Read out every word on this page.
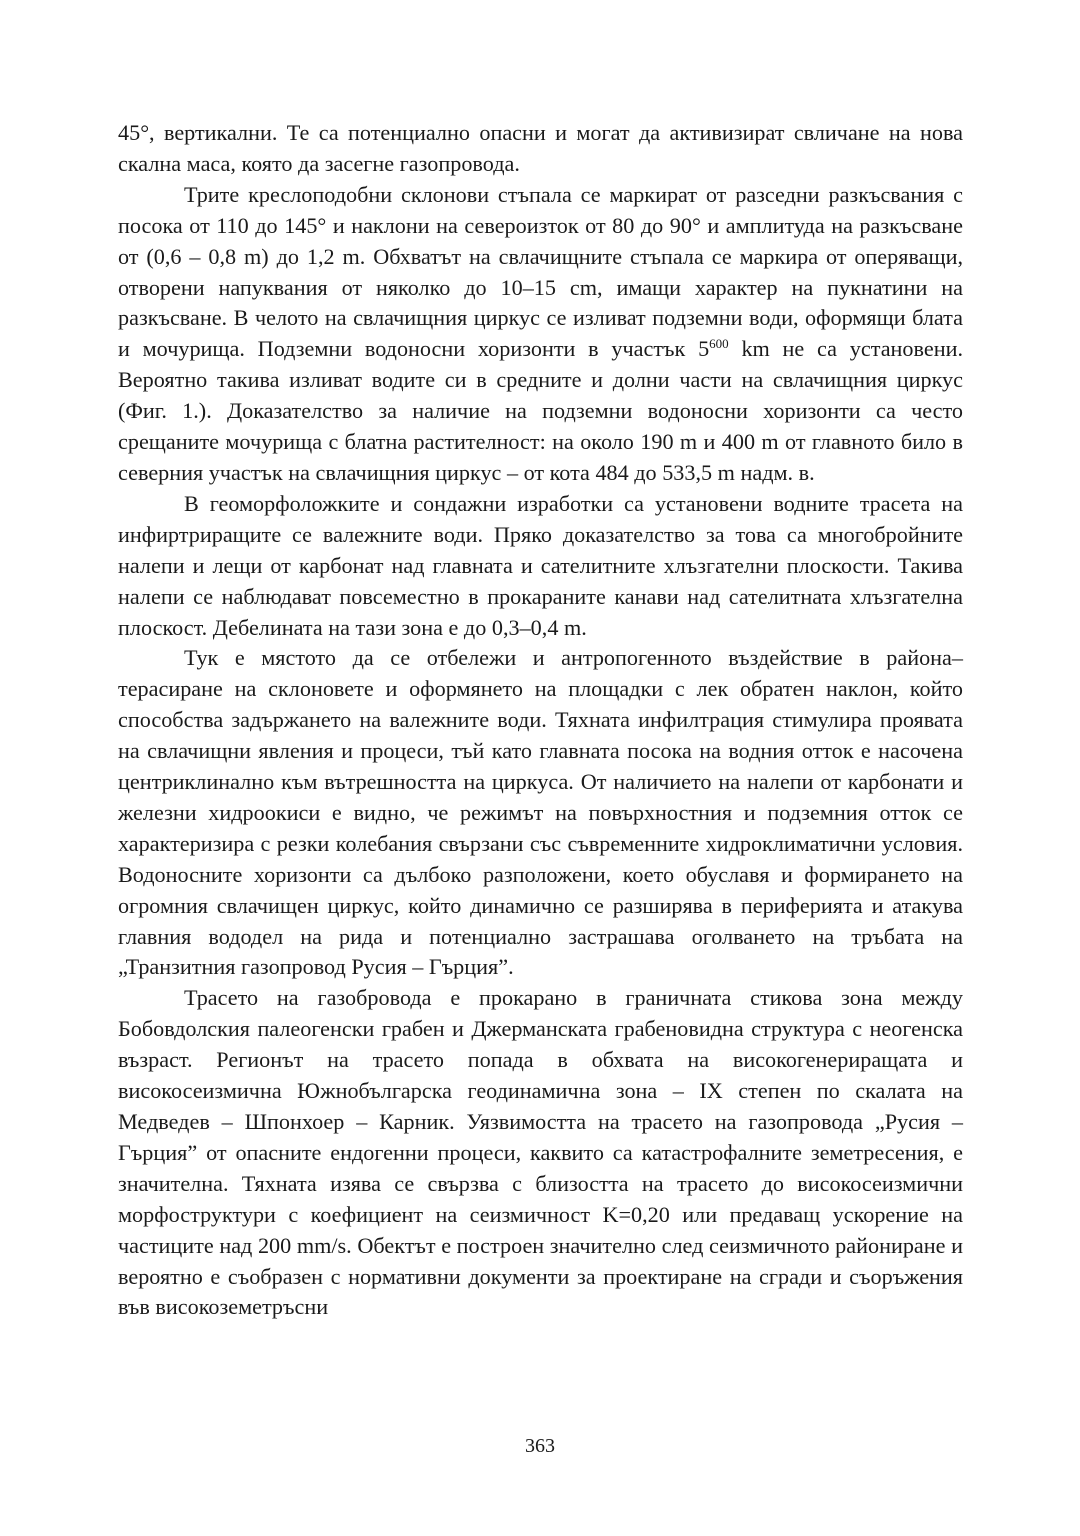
45°, вертикални. Те са потенциално опасни и могат да активизират свличане на нова скална маса, която да засегне газопровода.

Трите креслоподобни склонови стъпала се маркират от разседни разкъсвания с посока от 110 до 145° и наклони на североизток от 80 до 90° и амплитуда на разкъсване от (0,6 – 0,8 m) до 1,2 m. Обхватът на свлачищните стъпала се маркира от оперяващи, отворени напуквания от няколко до 10–15 cm, имащи характер на пукнатини на разкъсване. В челото на свлачищния циркус се изливат подземни води, оформящи блата и мочурища. Подземни водоносни хоризонти в участък $5^{600}$ km не са установени. Вероятно такива изливат водите си в средните и долни части на свлачищния циркус (Фиг. 1.). Доказателство за наличие на подземни водоносни хоризонти са често срещаните мочурища с блатна растителност: на около 190 m и 400 m от главното било в северния участък на свлачищния циркус – от кота 484 до 533,5 m надм. в.

В геоморфоложките и сондажни изработки са установени водните трасета на инфиртриращите се валежните води. Пряко доказателство за това са многобройните налепи и лещи от карбонат над главната и сателитните хлъзгателни плоскости. Такива налепи се наблюдават повсеместно в прокараните канави над сателитната хлъзгателна плоскост. Дебелината на тази зона е до 0,3–0,4 m.

Тук е мястото да се отбележи и антропогенното въздействие в района– терасиране на склоновете и оформянето на площадки с лек обратен наклон, който способства задържането на валежните води. Тяхната инфилтрация стимулира проявата на свлачищни явления и процеси, тъй като главната посока на водния отток е насочена центриклинално към вътрешността на циркуса. От наличието на налепи от карбонати и железни хидроокиси е видно, че режимът на повърхностния и подземния отток се характеризира с резки колебания свързани със съвременните хидроклиматични условия. Водоносните хоризонти са дълбоко разположени, което обуславя и формирането на огромния свлачищен циркус, който динамично се разширява в периферията и атакува главния вододел на рида и потенциално застрашава оголването на тръбата на „Транзитния газопровод Русия – Гърция”.

Трасето на газобровода е прокарано в граничната стикова зона между Бобовдолския палеогенски грабен и Джерманската грабеновидна структура с неогенска възраст. Регионът на трасето попада в обхвата на високогенериращата и високосеизмична Южнобългарска геодинамична зона – IX степен по скалата на Медведев – Шпонхоер – Карник. Уязвимостта на трасето на газопровода „Русия – Гърция” от опасните ендогенни процеси, каквито са катастрофалните земетресения, е значителна. Тяхната изява се свързва с близостта на трасето до високосеизмични морфоструктури с коефициент на сеизмичност K=0,20 или предаващ ускорение на частиците над 200 mm/s. Обектът е построен значително след сеизмичното райониране и вероятно е съобразен с нормативни документи за проектиране на сгради и съоръжения във високоземетръсни

363
